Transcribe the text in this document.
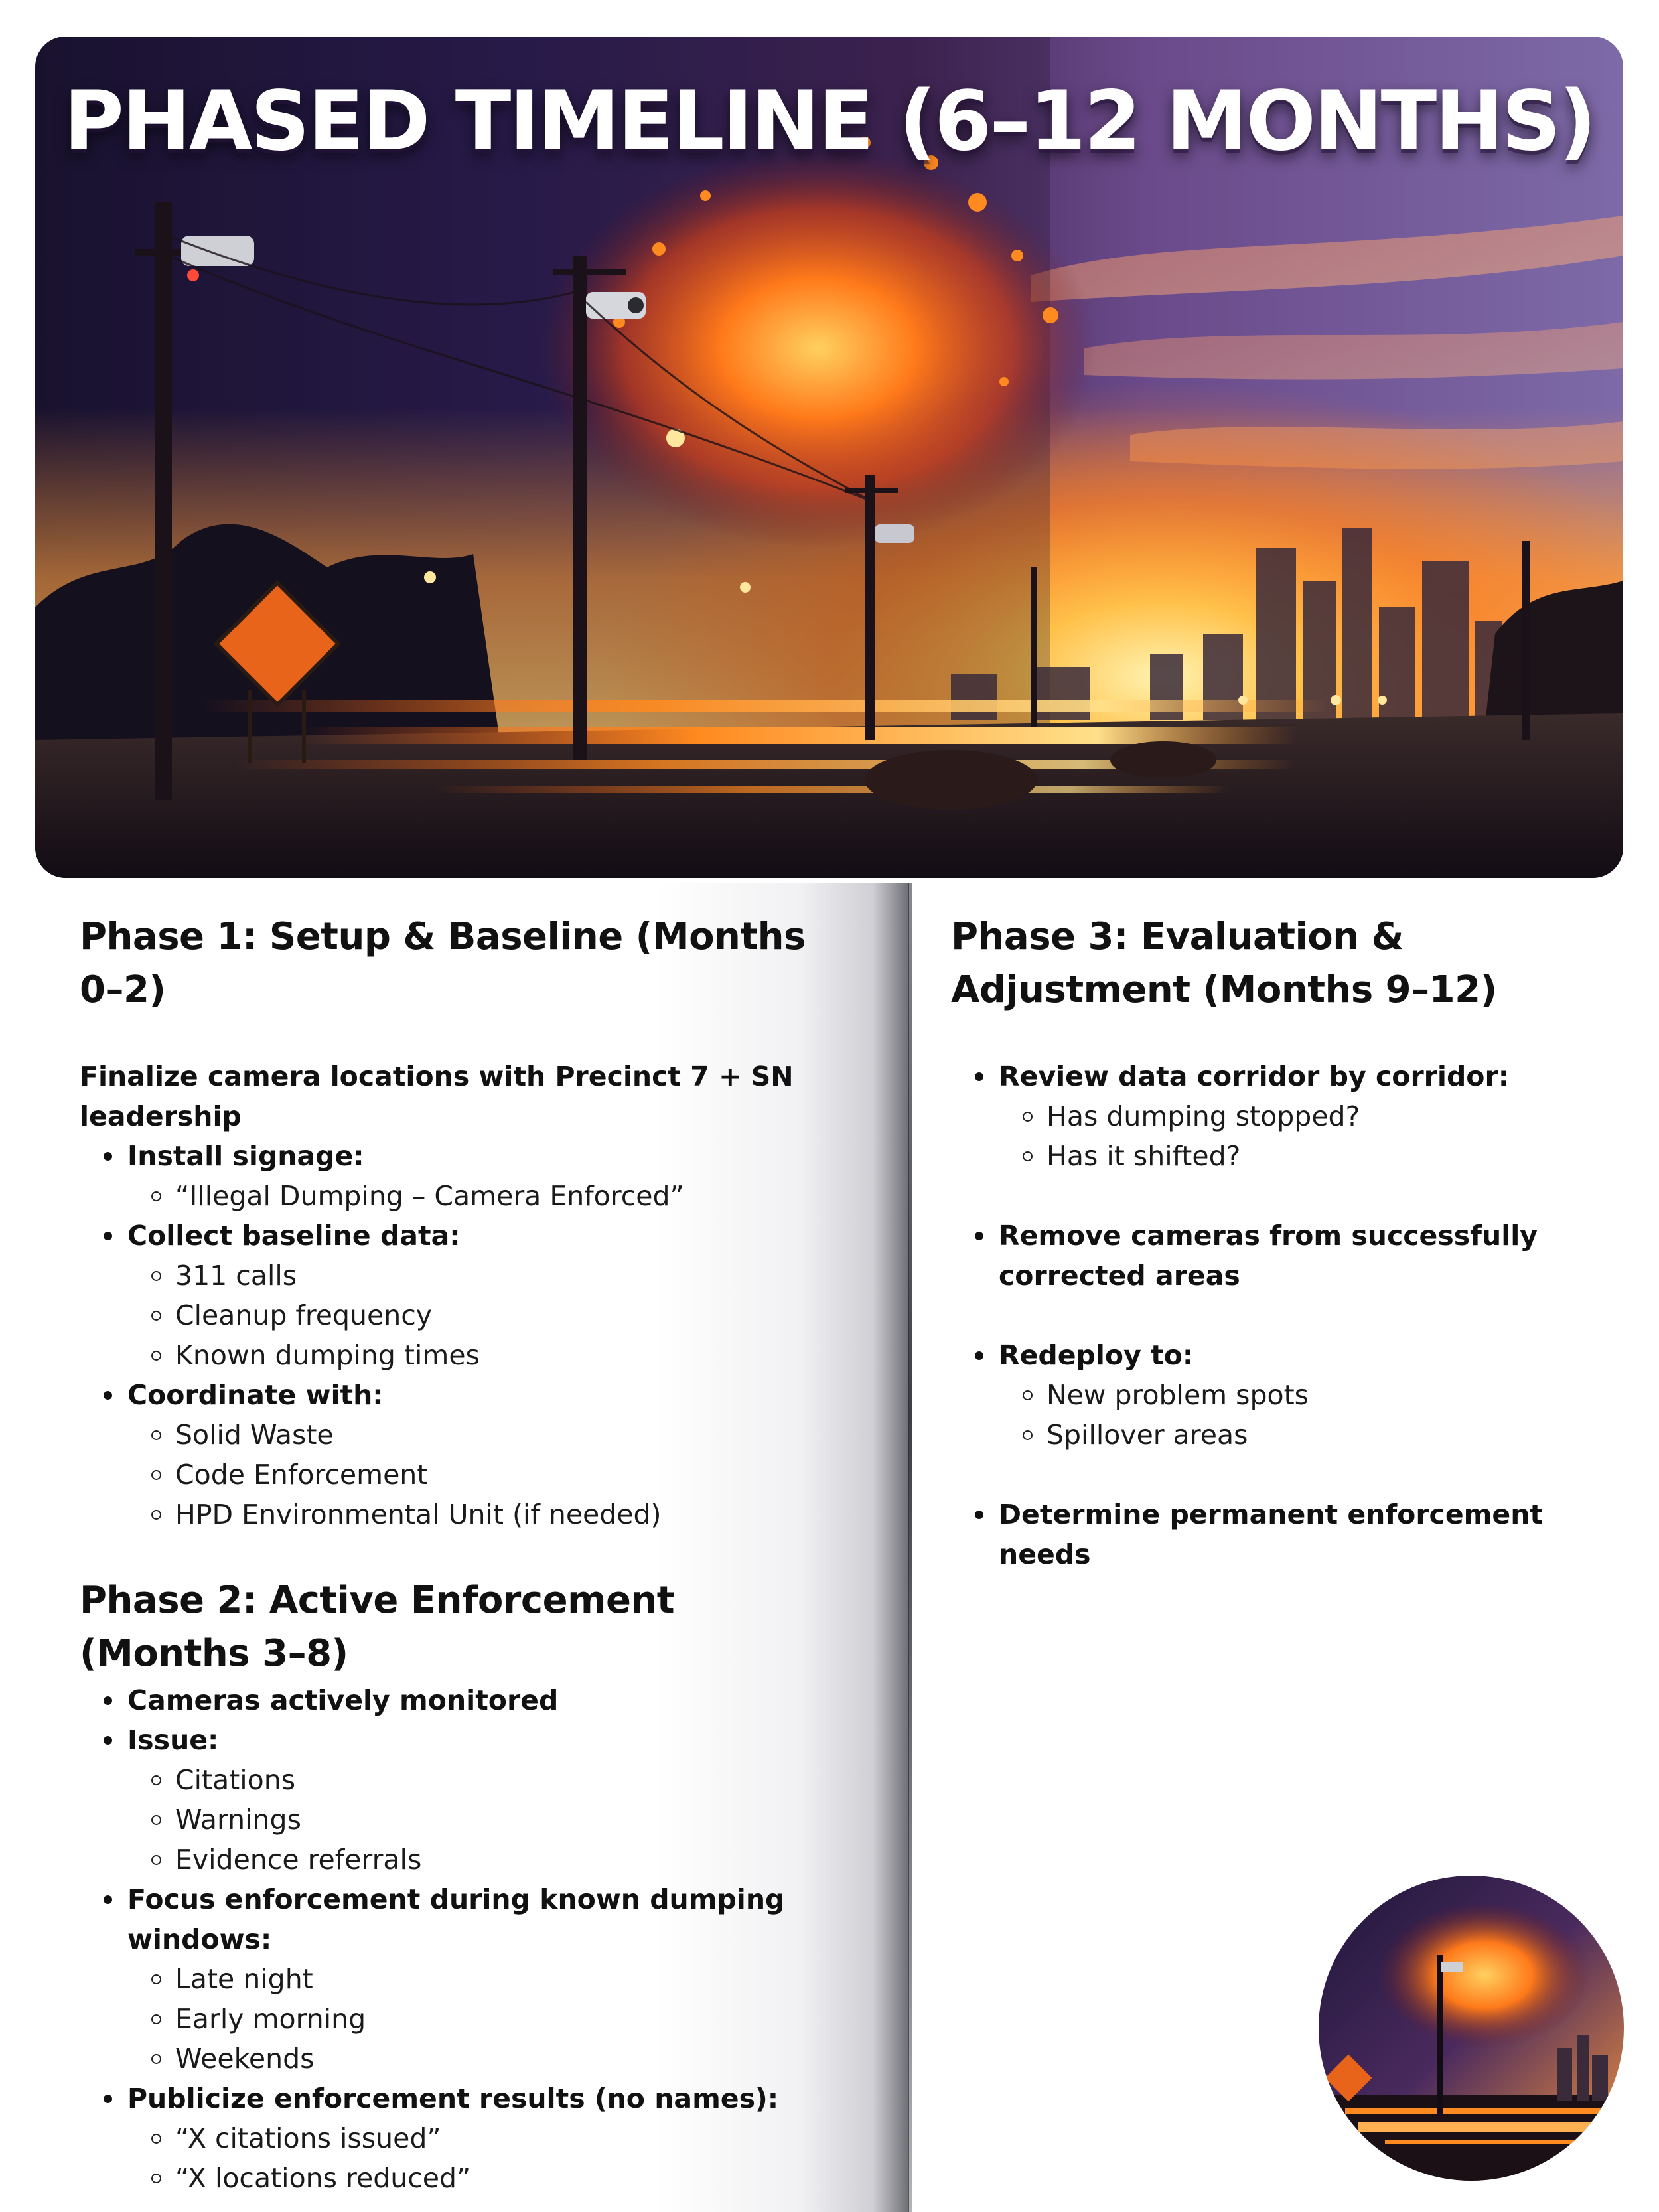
PHASED TIMELINE (6–12 MONTHS)
Phase 1: Setup & Baseline (Months 0–2)

Finalize camera locations with Precinct 7 + SN leadership

Install signage:
“Illegal Dumping – Camera Enforced”
Collect baseline data:
311 calls
Cleanup frequency
Known dumping times
Coordinate with:
Solid Waste
Code Enforcement
HPD Environmental Unit (if needed)
Phase 2: Active Enforcement (Months 3–8)
Cameras actively monitored
Issue:
Citations
Warnings
Evidence referrals
Focus enforcement during known dumping windows:
Late night
Early morning
Weekends
Publicize enforcement results (no names):
“X citations issued”
“X locations reduced”
Phase 3: Evaluation & Adjustment (Months 9–12)
Review data corridor by corridor:
Has dumping stopped?
Has it shifted?
Remove cameras from successfully corrected areas
Redeploy to:
New problem spots
Spillover areas
Determine permanent enforcement needs
